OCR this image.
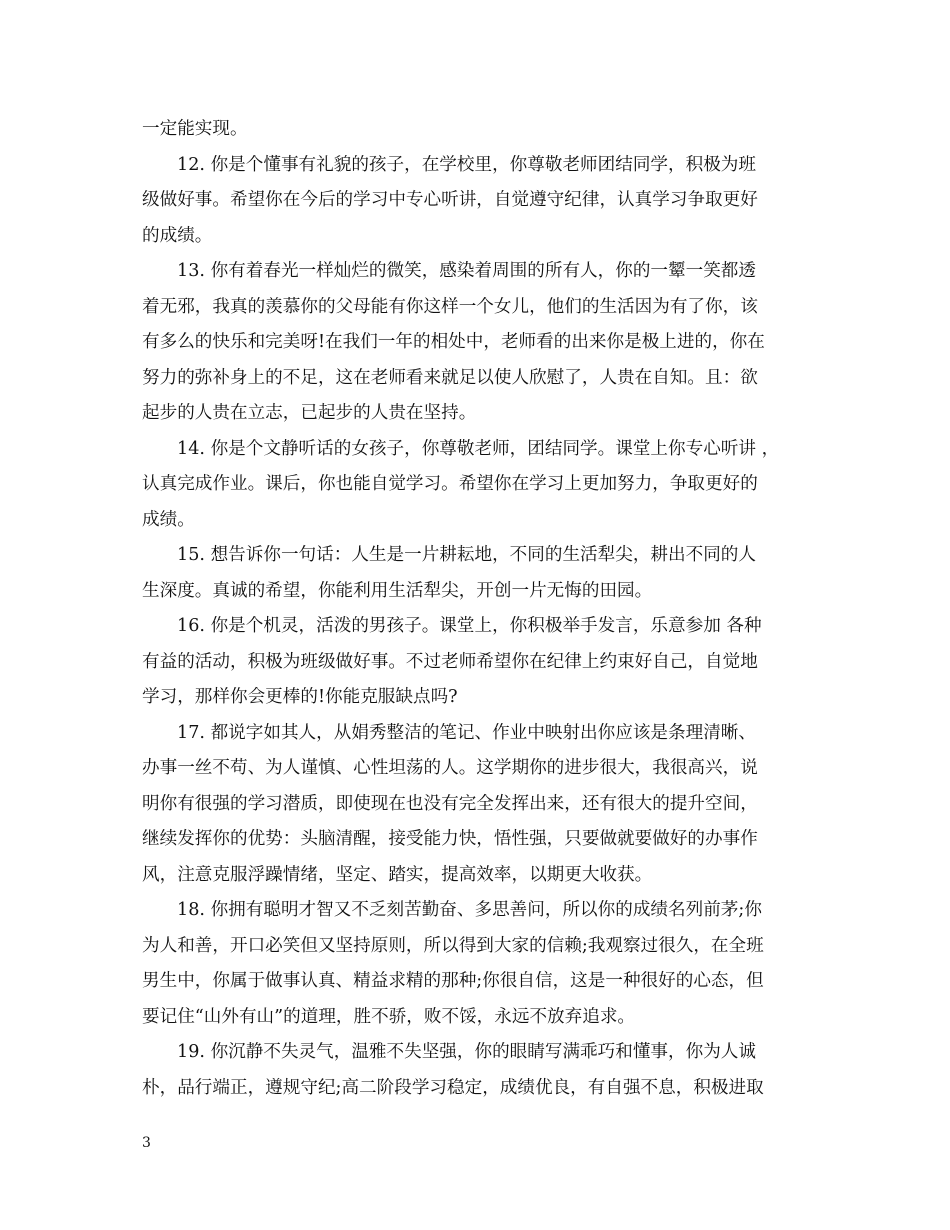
一定能实现。
12. 你是个懂事有礼貌的孩子，在学校里，你尊敬老师团结同学，积极为班
级做好事。希望你在今后的学习中专心听讲，自觉遵守纪律，认真学习争取更好
的成绩。
13. 你有着春光一样灿烂的微笑，感染着周围的所有人，你的一颦一笑都透
着无邪，我真的羡慕你的父母能有你这样一个女儿，他们的生活因为有了你，该
有多么的快乐和完美呀!在我们一年的相处中，老师看的出来你是极上进的，你在
努力的弥补身上的不足，这在老师看来就足以使人欣慰了，人贵在自知。且：欲
起步的人贵在立志，已起步的人贵在坚持。
14. 你是个文静听话的女孩子，你尊敬老师，团结同学。课堂上你专心听讲 ，
认真完成作业。课后，你也能自觉学习。希望你在学习上更加努力，争取更好的
成绩。
15. 想告诉你一句话：人生是一片耕耘地，不同的生活犁尖，耕出不同的人
生深度。真诚的希望，你能利用生活犁尖，开创一片无悔的田园。
16. 你是个机灵，活泼的男孩子。课堂上，你积极举手发言，乐意参加 各种
有益的活动，积极为班级做好事。不过老师希望你在纪律上约束好自己，自觉地
学习，那样你会更棒的!你能克服缺点吗?
17. 都说字如其人，从娟秀整洁的笔记、作业中映射出你应该是条理清晰、
办事一丝不苟、为人谨慎、心性坦荡的人。这学期你的进步很大，我很高兴，说
明你有很强的学习潜质，即使现在也没有完全发挥出来，还有很大的提升空间，
继续发挥你的优势：头脑清醒，接受能力快，悟性强，只要做就要做好的办事作
风，注意克服浮躁情绪，坚定、踏实，提高效率，以期更大收获。
18. 你拥有聪明才智又不乏刻苦勤奋、多思善问，所以你的成绩名列前茅;你
为人和善，开口必笑但又坚持原则，所以得到大家的信赖;我观察过很久，在全班
男生中，你属于做事认真、精益求精的那种;你很自信，这是一种很好的心态，但
要记住“山外有山”的道理，胜不骄，败不馁，永远不放弃追求。
19. 你沉静不失灵气，温雅不失坚强，你的眼睛写满乖巧和懂事，你为人诚
朴，品行端正，遵规守纪;高二阶段学习稳定，成绩优良，有自强不息，积极进取
3
